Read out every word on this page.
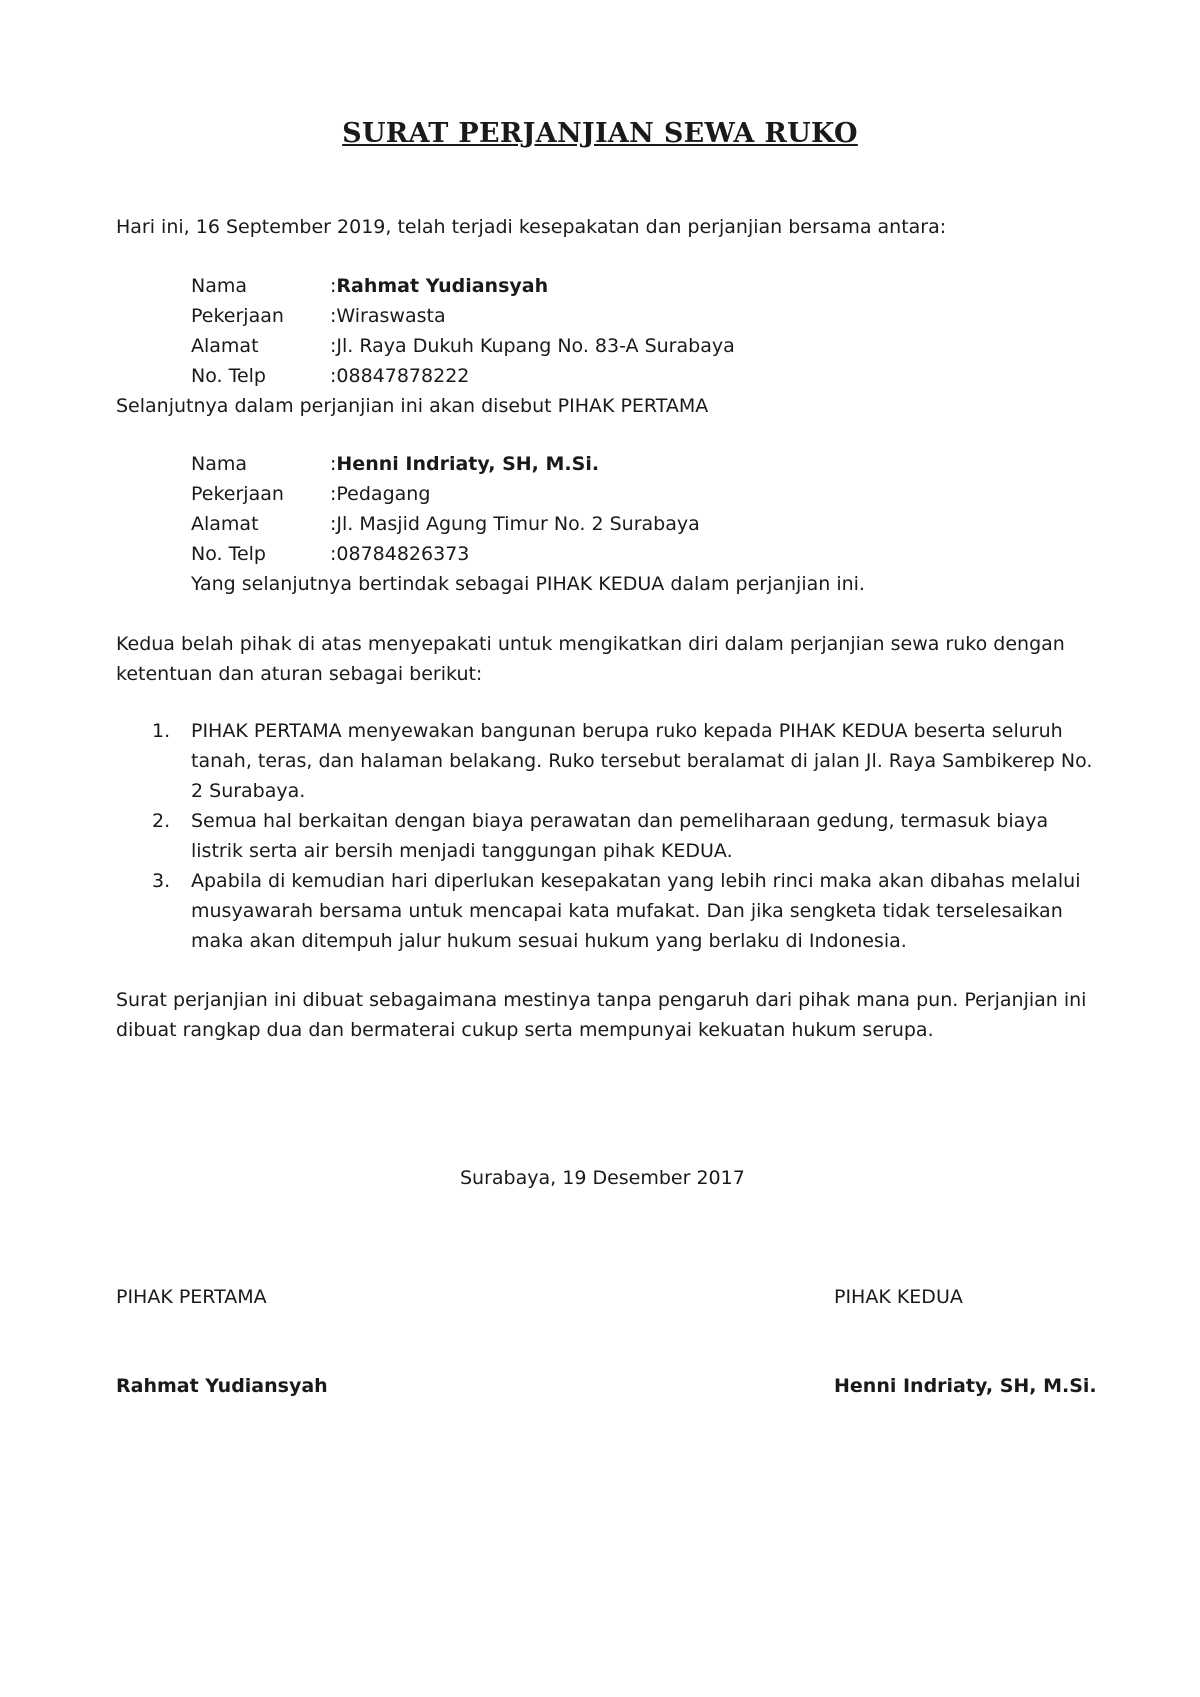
SURAT PERJANJIAN SEWA RUKO
Hari ini, 16 September 2019, telah terjadi kesepakatan dan perjanjian bersama antara:
Nama	:Rahmat Yudiansyah
Pekerjaan :Wiraswasta
Alamat	:Jl. Raya Dukuh Kupang No. 83-A Surabaya
No. Telp	:08847878222
Selanjutnya dalam perjanjian ini akan disebut PIHAK PERTAMA
Nama	:Henni Indriaty, SH, M.Si.
Pekerjaan :Pedagang
Alamat	:Jl. Masjid Agung Timur No. 2 Surabaya
No. Telp	:08784826373
Yang selanjutnya bertindak sebagai PIHAK KEDUA dalam perjanjian ini.
Kedua belah pihak di atas menyepakati untuk mengikatkan diri dalam perjanjian sewa ruko dengan ketentuan dan aturan sebagai berikut:
1. PIHAK PERTAMA menyewakan bangunan berupa ruko kepada PIHAK KEDUA beserta seluruh tanah, teras, dan halaman belakang. Ruko tersebut beralamat di jalan Jl. Raya Sambikerep No. 2 Surabaya.
2. Semua hal berkaitan dengan biaya perawatan dan pemeliharaan gedung, termasuk biaya listrik serta air bersih menjadi tanggungan pihak KEDUA.
3. Apabila di kemudian hari diperlukan kesepakatan yang lebih rinci maka akan dibahas melalui musyawarah bersama untuk mencapai kata mufakat. Dan jika sengketa tidak terselesaikan maka akan ditempuh jalur hukum sesuai hukum yang berlaku di Indonesia.
Surat perjanjian ini dibuat sebagaimana mestinya tanpa pengaruh dari pihak mana pun. Perjanjian ini dibuat rangkap dua dan bermaterai cukup serta mempunyai kekuatan hukum serupa.
Surabaya, 19 Desember 2017
PIHAK PERTAMA	PIHAK KEDUA
Rahmat Yudiansyah	Henni Indriaty, SH, M.Si.
